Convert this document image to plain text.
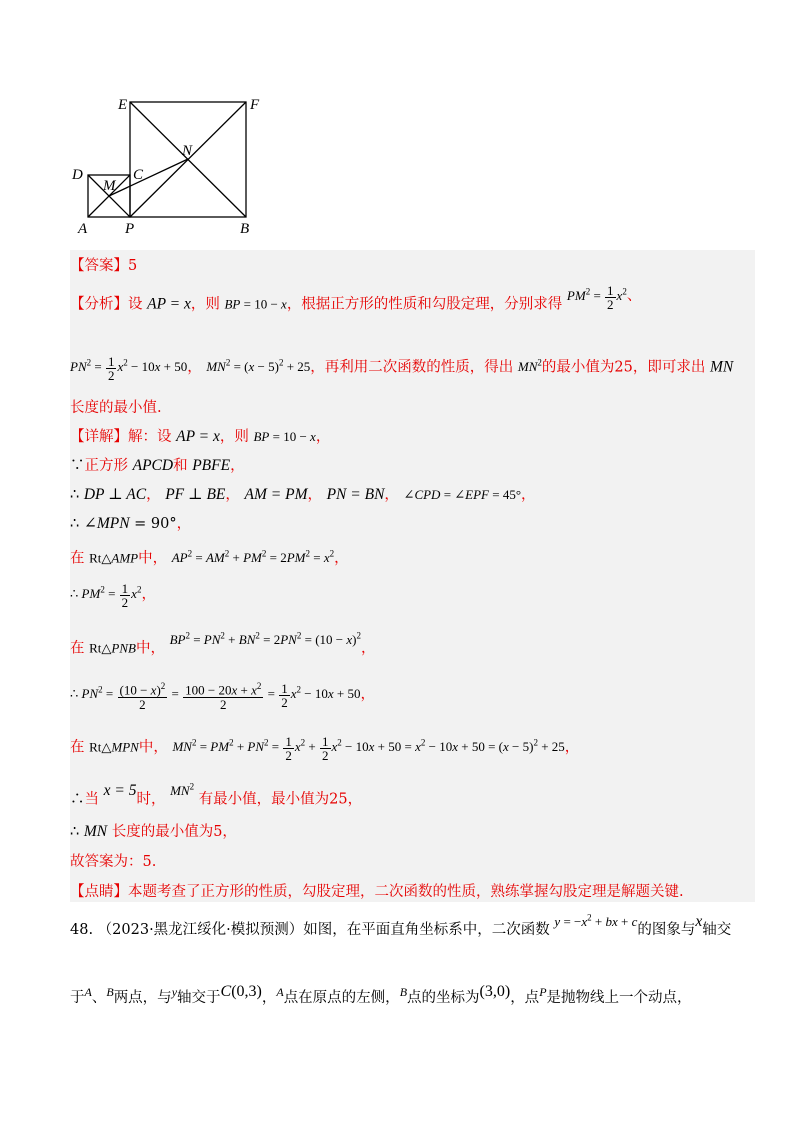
E	F
N
D
M
C
A	P	B
【答案】5
【分析】设 AP = x，则 BP = 10 − x，根据正方形的性质和勾股定理，分别求得 $PM^2 = \frac{1}{2} x^2$、
$PN^2 = \frac{1}{2} x^2 - 10x + 50$， $MN^2 = (x - 5)^2 + 25$，再利用二次函数的性质，得出 $MN^2$的最小值为25，即可求出 MN
长度的最小值.
【详解】解：设 AP = x，则 BP = 10 − x，
∵正方形 APCD和 PBFE，
∴ DP ⊥ AC， PF ⊥ BE， AM = PM， PN = BN， ∠CPD = ∠EPF = 45°，
∴ ∠MPN = 90°，
在 Rt△AMP中， $AP^2 = AM^2 + PM^2 = 2PM^2 = x^2$，
∴ $PM^2 = \frac{1}{2} x^2$，
在 Rt△PNB中， $BP^2 = PN^2 + BN^2 = 2PN^2 = (10 - x)^2$，
∴ $PN^2 = \frac{(10 - x)^2}{2} = \frac{100 - 20x + x^2}{2} = \frac{1}{2} x^2 - 10x + 50$，
在 Rt△MPN中， $MN^2 = PM^2 + PN^2 = \frac{1}{2} x^2 + \frac{1}{2} x^2 - 10x + 50 = x^2 - 10x + 50 = (x - 5)^2 + 25$，
∴当 x = 5时， $MN^2$ 有最小值，最小值为25，
∴ MN 长度的最小值为5，
故答案为：5.
【点睛】本题考查了正方形的性质，勾股定理，二次函数的性质，熟练掌握勾股定理是解题关键.
48. （2023·黑龙江绥化·模拟预测）如图，在平面直角坐标系中，二次函数 $y = -x^2$ + bx + c的图象与x轴交
于$^A$、$^B$两点，与$^y$轴交于C(0,3)，$^A$点在原点的左侧，$^B$点的坐标为(3,0)，点$^P$是抛物线上一个动点，
